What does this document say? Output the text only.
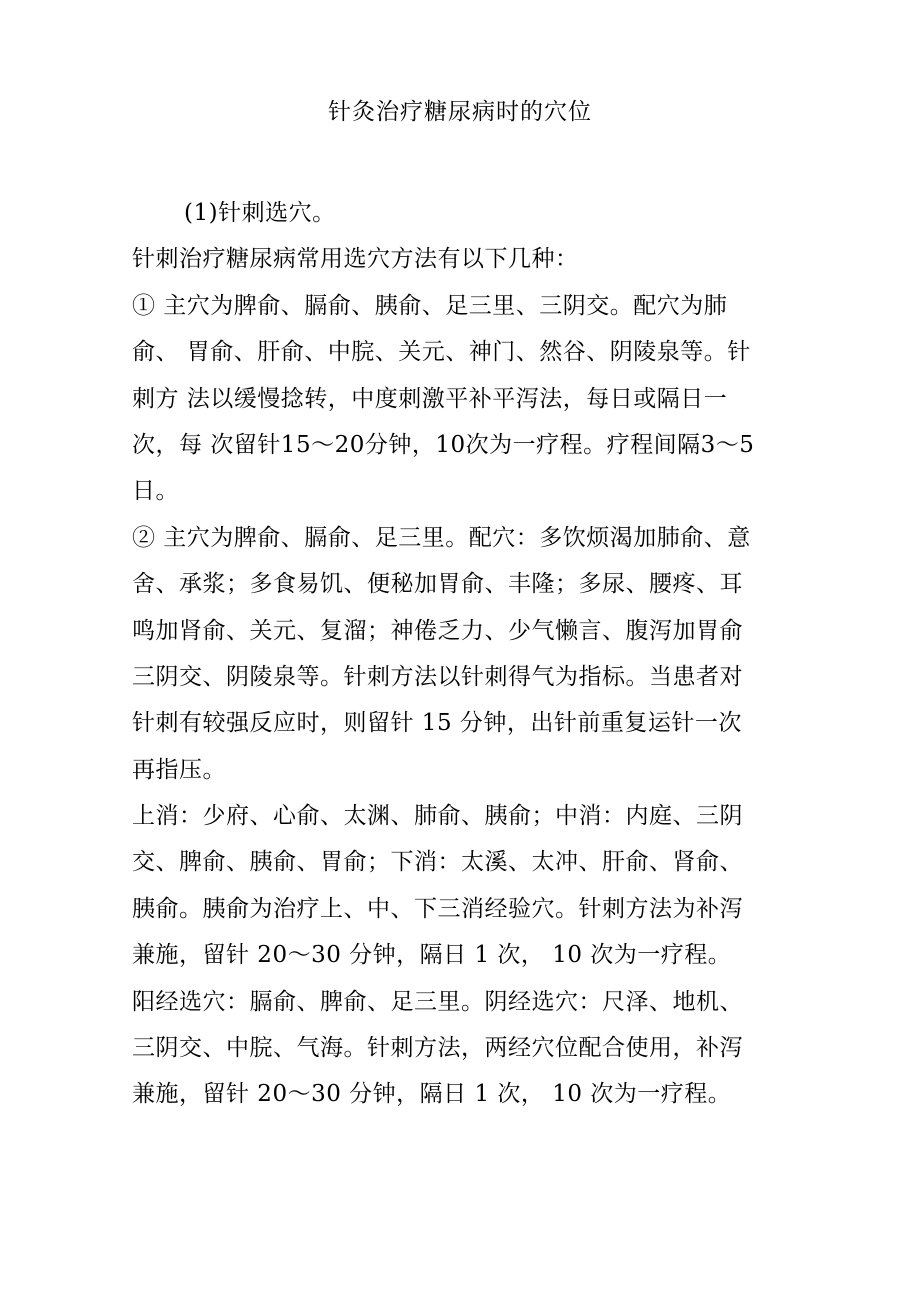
针灸治疗糖尿病时的穴位

(1)针刺选穴。

针刺治疗糖尿病常用选穴方法有以下几种：

① 主穴为脾俞、膈俞、胰俞、足三里、三阴交。配穴为肺

俞、 胃俞、肝俞、中脘、关元、神门、然谷、阴陵泉等。针

刺方 法以缓慢捻转，中度刺激平补平泻法，每日或隔日一

次，每 次留针15〜20分钟，10次为一疗程。疗程间隔3〜5

日。

② 主穴为脾俞、膈俞、足三里。配穴：多饮烦渴加肺俞、意

舍、承浆；多食易饥、便秘加胃俞、丰隆；多尿、腰疼、耳

鸣加肾俞、关元、复溜；神倦乏力、少气懒言、腹泻加胃俞

三阴交、阴陵泉等。针刺方法以针刺得气为指标。当患者对

针刺有较强反应时，则留针 15 分钟，出针前重复运针一次

再指压。

上消：少府、心俞、太渊、肺俞、胰俞；中消：内庭、三阴

交、脾俞、胰俞、胃俞；下消：太溪、太冲、肝俞、肾俞、

胰俞。胰俞为治疗上、中、下三消经验穴。针刺方法为补泻

兼施，留针 20〜30 分钟，隔日 1 次， 10 次为一疗程。

阳经选穴：膈俞、脾俞、足三里。阴经选穴：尺泽、地机、

三阴交、中脘、气海。针刺方法，两经穴位配合使用，补泻

兼施，留针 20〜30 分钟，隔日 1 次， 10 次为一疗程。
